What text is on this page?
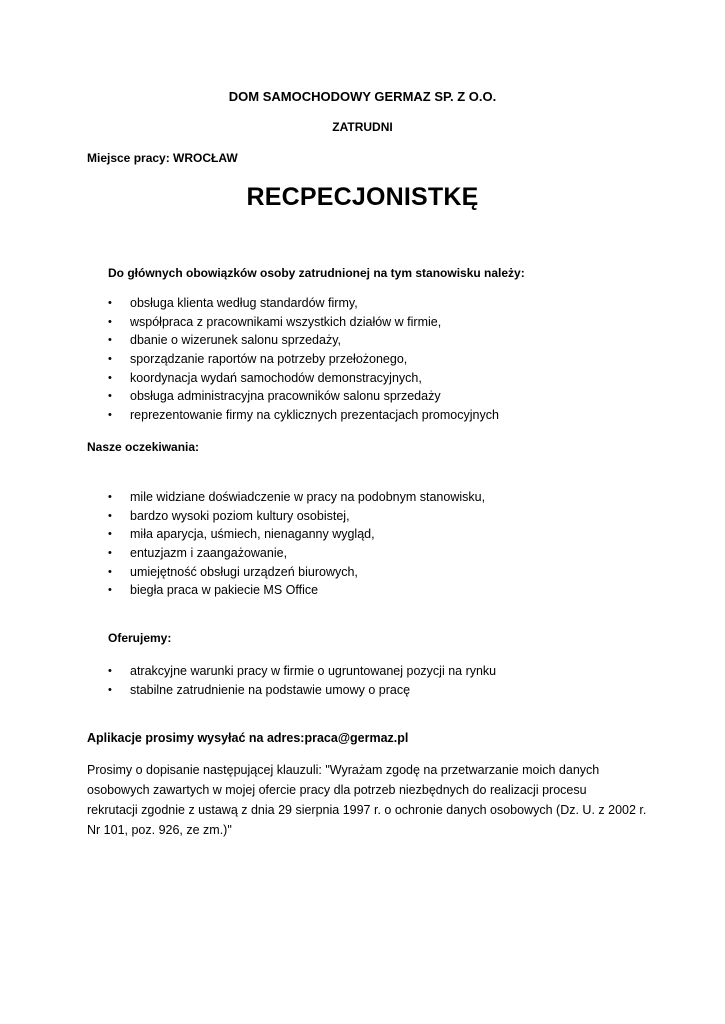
DOM SAMOCHODOWY GERMAZ SP. Z O.O.
ZATRUDNI
Miejsce pracy: WROCŁAW
RECPECJONISTKĘ
Do głównych obowiązków osoby zatrudnionej na tym stanowisku należy:
• obsługa klienta według standardów firmy,
• współpraca z pracownikami wszystkich działów w firmie,
• dbanie o wizerunek salonu sprzedaży,
• sporządzanie raportów na potrzeby przełożonego,
• koordynacja wydań samochodów demonstracyjnych,
• obsługa administracyjna pracowników salonu sprzedaży
• reprezentowanie firmy na cyklicznych prezentacjach promocyjnych
Nasze oczekiwania:
• mile widziane doświadczenie w pracy na podobnym stanowisku,
• bardzo wysoki poziom kultury osobistej,
• miła aparycja, uśmiech, nienaganny wygląd,
• entuzjazm i zaangażowanie,
• umiejętność obsługi urządzeń biurowych,
• biegła praca w pakiecie MS Office
Oferujemy:
• atrakcyjne warunki pracy w firmie o ugruntowanej pozycji na rynku
• stabilne zatrudnienie na podstawie umowy o pracę
Aplikacje prosimy wysyłać na adres:praca@germaz.pl

Prosimy o dopisanie następującej klauzuli: "Wyrażam zgodę na przetwarzanie moich danych
osobowych zawartych w mojej ofercie pracy dla potrzeb niezbędnych do realizacji procesu
rekrutacji zgodnie z ustawą z dnia 29 sierpnia 1997 r. o ochronie danych osobowych (Dz. U. z 2002 r.
Nr 101, poz. 926, ze zm.)"
